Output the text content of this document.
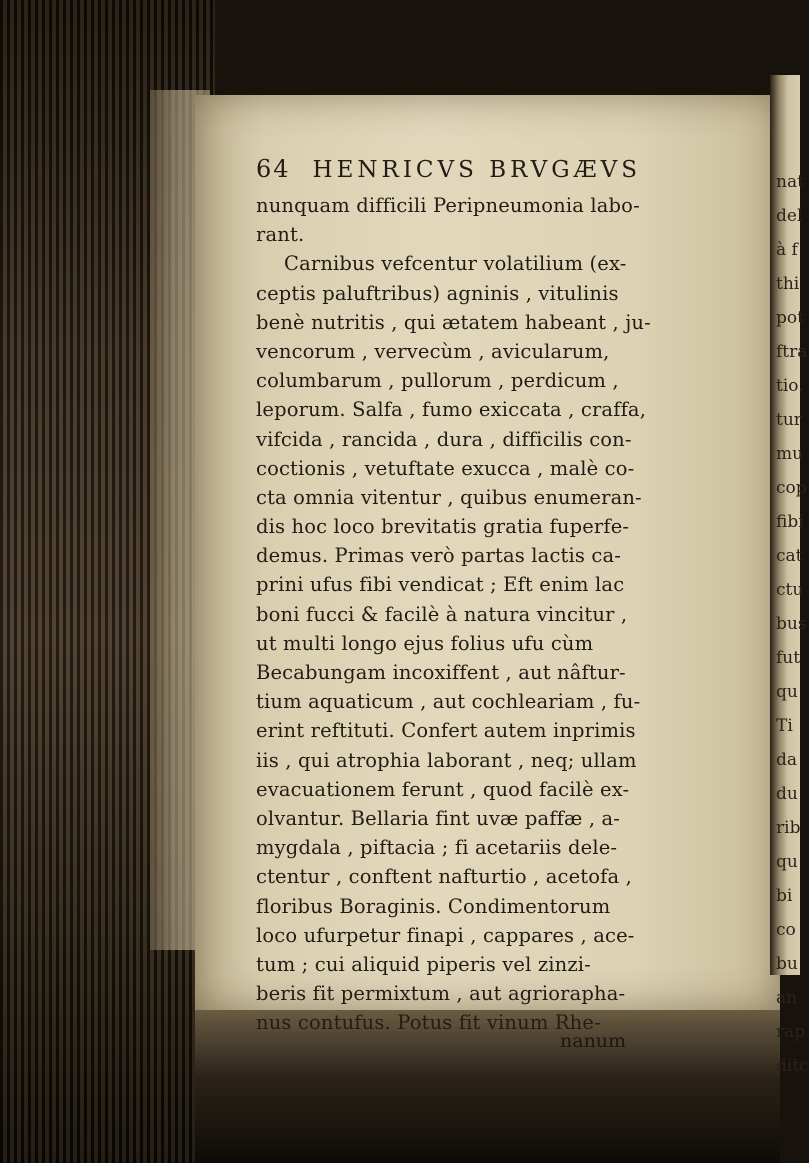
nat
del
à f
thi
pot
ftra
tio.
tur
mu
cop
fibi
cat
ctu
bus
fut
qu
Ti
da
du
rib
qu
bi
co
bu
an
rap
ditc
64 HENRICVS BRVGÆVS
nunquam difficili Peripneumonia labo-
rant.
Carnibus vefcentur volatilium (ex-
ceptis paluftribus) agninis , vitulinis
benè nutritis , qui ætatem habeant , ju-
vencorum , vervecùm , avicularum,
columbarum , pullorum , perdicum ,
leporum. Salfa , fumo exiccata , craffa,
vifcida , rancida , dura , difficilis con-
coctionis , vetuftate exucca , malè co-
cta omnia vitentur , quibus enumeran-
dis hoc loco brevitatis gratia fuperfe-
demus. Primas verò partas lactis ca-
prini ufus fibi vendicat ; Eft enim lac
boni fucci & facilè à natura vincitur ,
ut multi longo ejus folius ufu cùm
Becabungam incoxiffent , aut nâftur-
tium aquaticum , aut cochleariam , fu-
erint reftituti. Confert autem inprimis
iis , qui atrophia laborant , neq; ullam
evacuationem ferunt , quod facilè ex-
olvantur. Bellaria fint uvæ paffæ , a-
mygdala , piftacia ; fi acetariis dele-
ctentur , conftent nafturtio , acetofa ,
floribus Boraginis. Condimentorum
loco ufurpetur finapi , cappares , ace-
tum ; cui aliquid piperis vel zinzi-
beris fit permixtum , aut agriorapha-
nus contufus. Potus fit vinum Rhe-
nanum
